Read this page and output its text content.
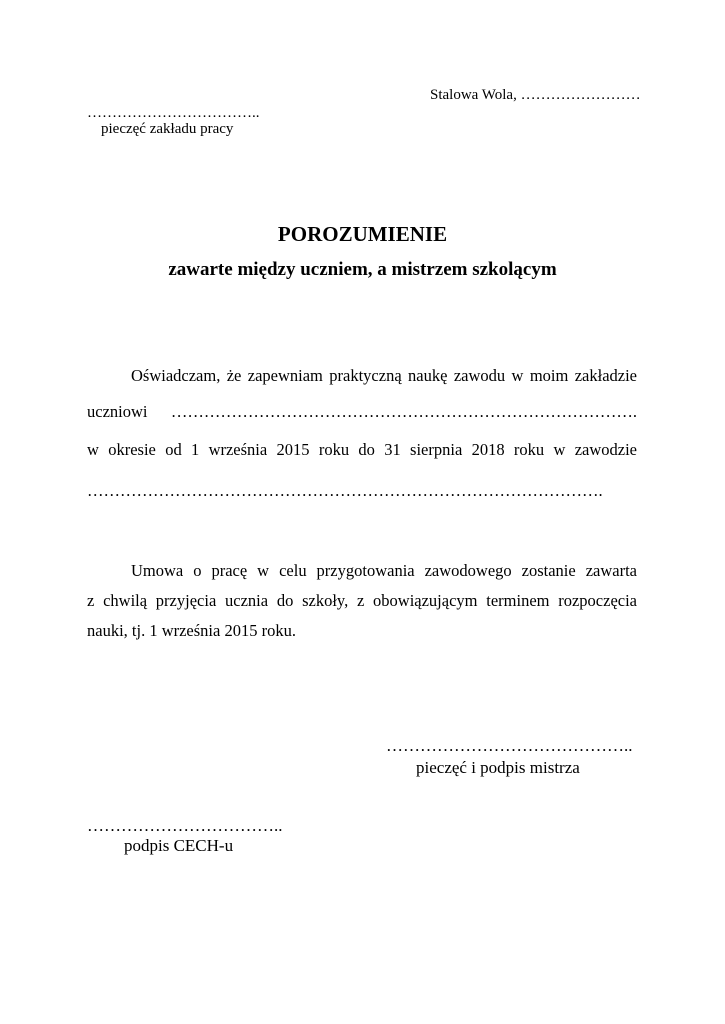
Stalowa Wola, ……………………
……………………………..
pieczęć zakładu pracy
POROZUMIENIE
zawarte między uczniem, a mistrzem szkolącym
Oświadczam, że zapewniam praktyczną naukę zawodu w moim zakładzie
uczniowi ………………………………………………………………………….
w okresie od 1 września 2015 roku do 31 sierpnia 2018 roku w zawodzie
………………………………………………………………………………….
Umowa o pracę w celu przygotowania zawodowego zostanie zawarta
z chwilą przyjęcia ucznia do szkoły, z obowiązującym terminem rozpoczęcia
nauki, tj. 1 września 2015 roku.
……………………………………..
pieczęć i podpis mistrza
……………………………..
podpis CECH-u
